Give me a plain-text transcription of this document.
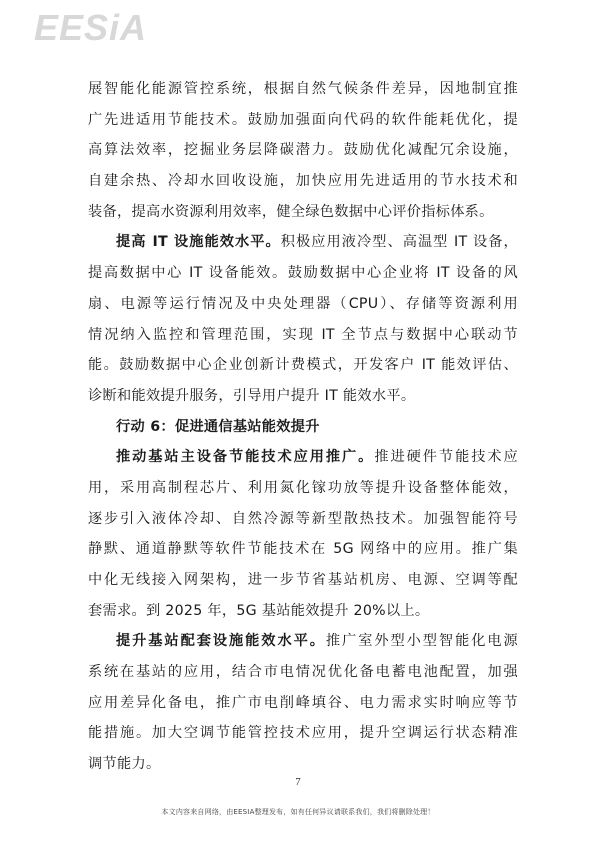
EESiA
展智能化能源管控系统，根据自然气候条件差异，因地制宜推
广先进适用节能技术。鼓励加强面向代码的软件能耗优化，提
高算法效率，挖掘业务层降碳潜力。鼓励优化减配冗余设施，
自建余热、冷却水回收设施，加快应用先进适用的节水技术和
装备，提高水资源利用效率，健全绿色数据中心评价指标体系。
提高 IT 设施能效水平。积极应用液冷型、高温型 IT 设备，
提高数据中心 IT 设备能效。鼓励数据中心企业将 IT 设备的风
扇、电源等运行情况及中央处理器（CPU）、存储等资源利用
情况纳入监控和管理范围，实现 IT 全节点与数据中心联动节
能。鼓励数据中心企业创新计费模式，开发客户 IT 能效评估、
诊断和能效提升服务，引导用户提升 IT 能效水平。
行动 6：促进通信基站能效提升
推动基站主设备节能技术应用推广。推进硬件节能技术应
用，采用高制程芯片、利用氮化镓功放等提升设备整体能效，
逐步引入液体冷却、自然冷源等新型散热技术。加强智能符号
静默、通道静默等软件节能技术在 5G 网络中的应用。推广集
中化无线接入网架构，进一步节省基站机房、电源、空调等配
套需求。到 2025 年，5G 基站能效提升 20%以上。
提升基站配套设施能效水平。推广室外型小型智能化电源
系统在基站的应用，结合市电情况优化备电蓄电池配置，加强
应用差异化备电，推广市电削峰填谷、电力需求实时响应等节
能措施。加大空调节能管控技术应用，提升空调运行状态精准
调节能力。
7
本文内容来自网络，由EESIA整理发布，如有任何异议请联系我们，我们将删除处理！
